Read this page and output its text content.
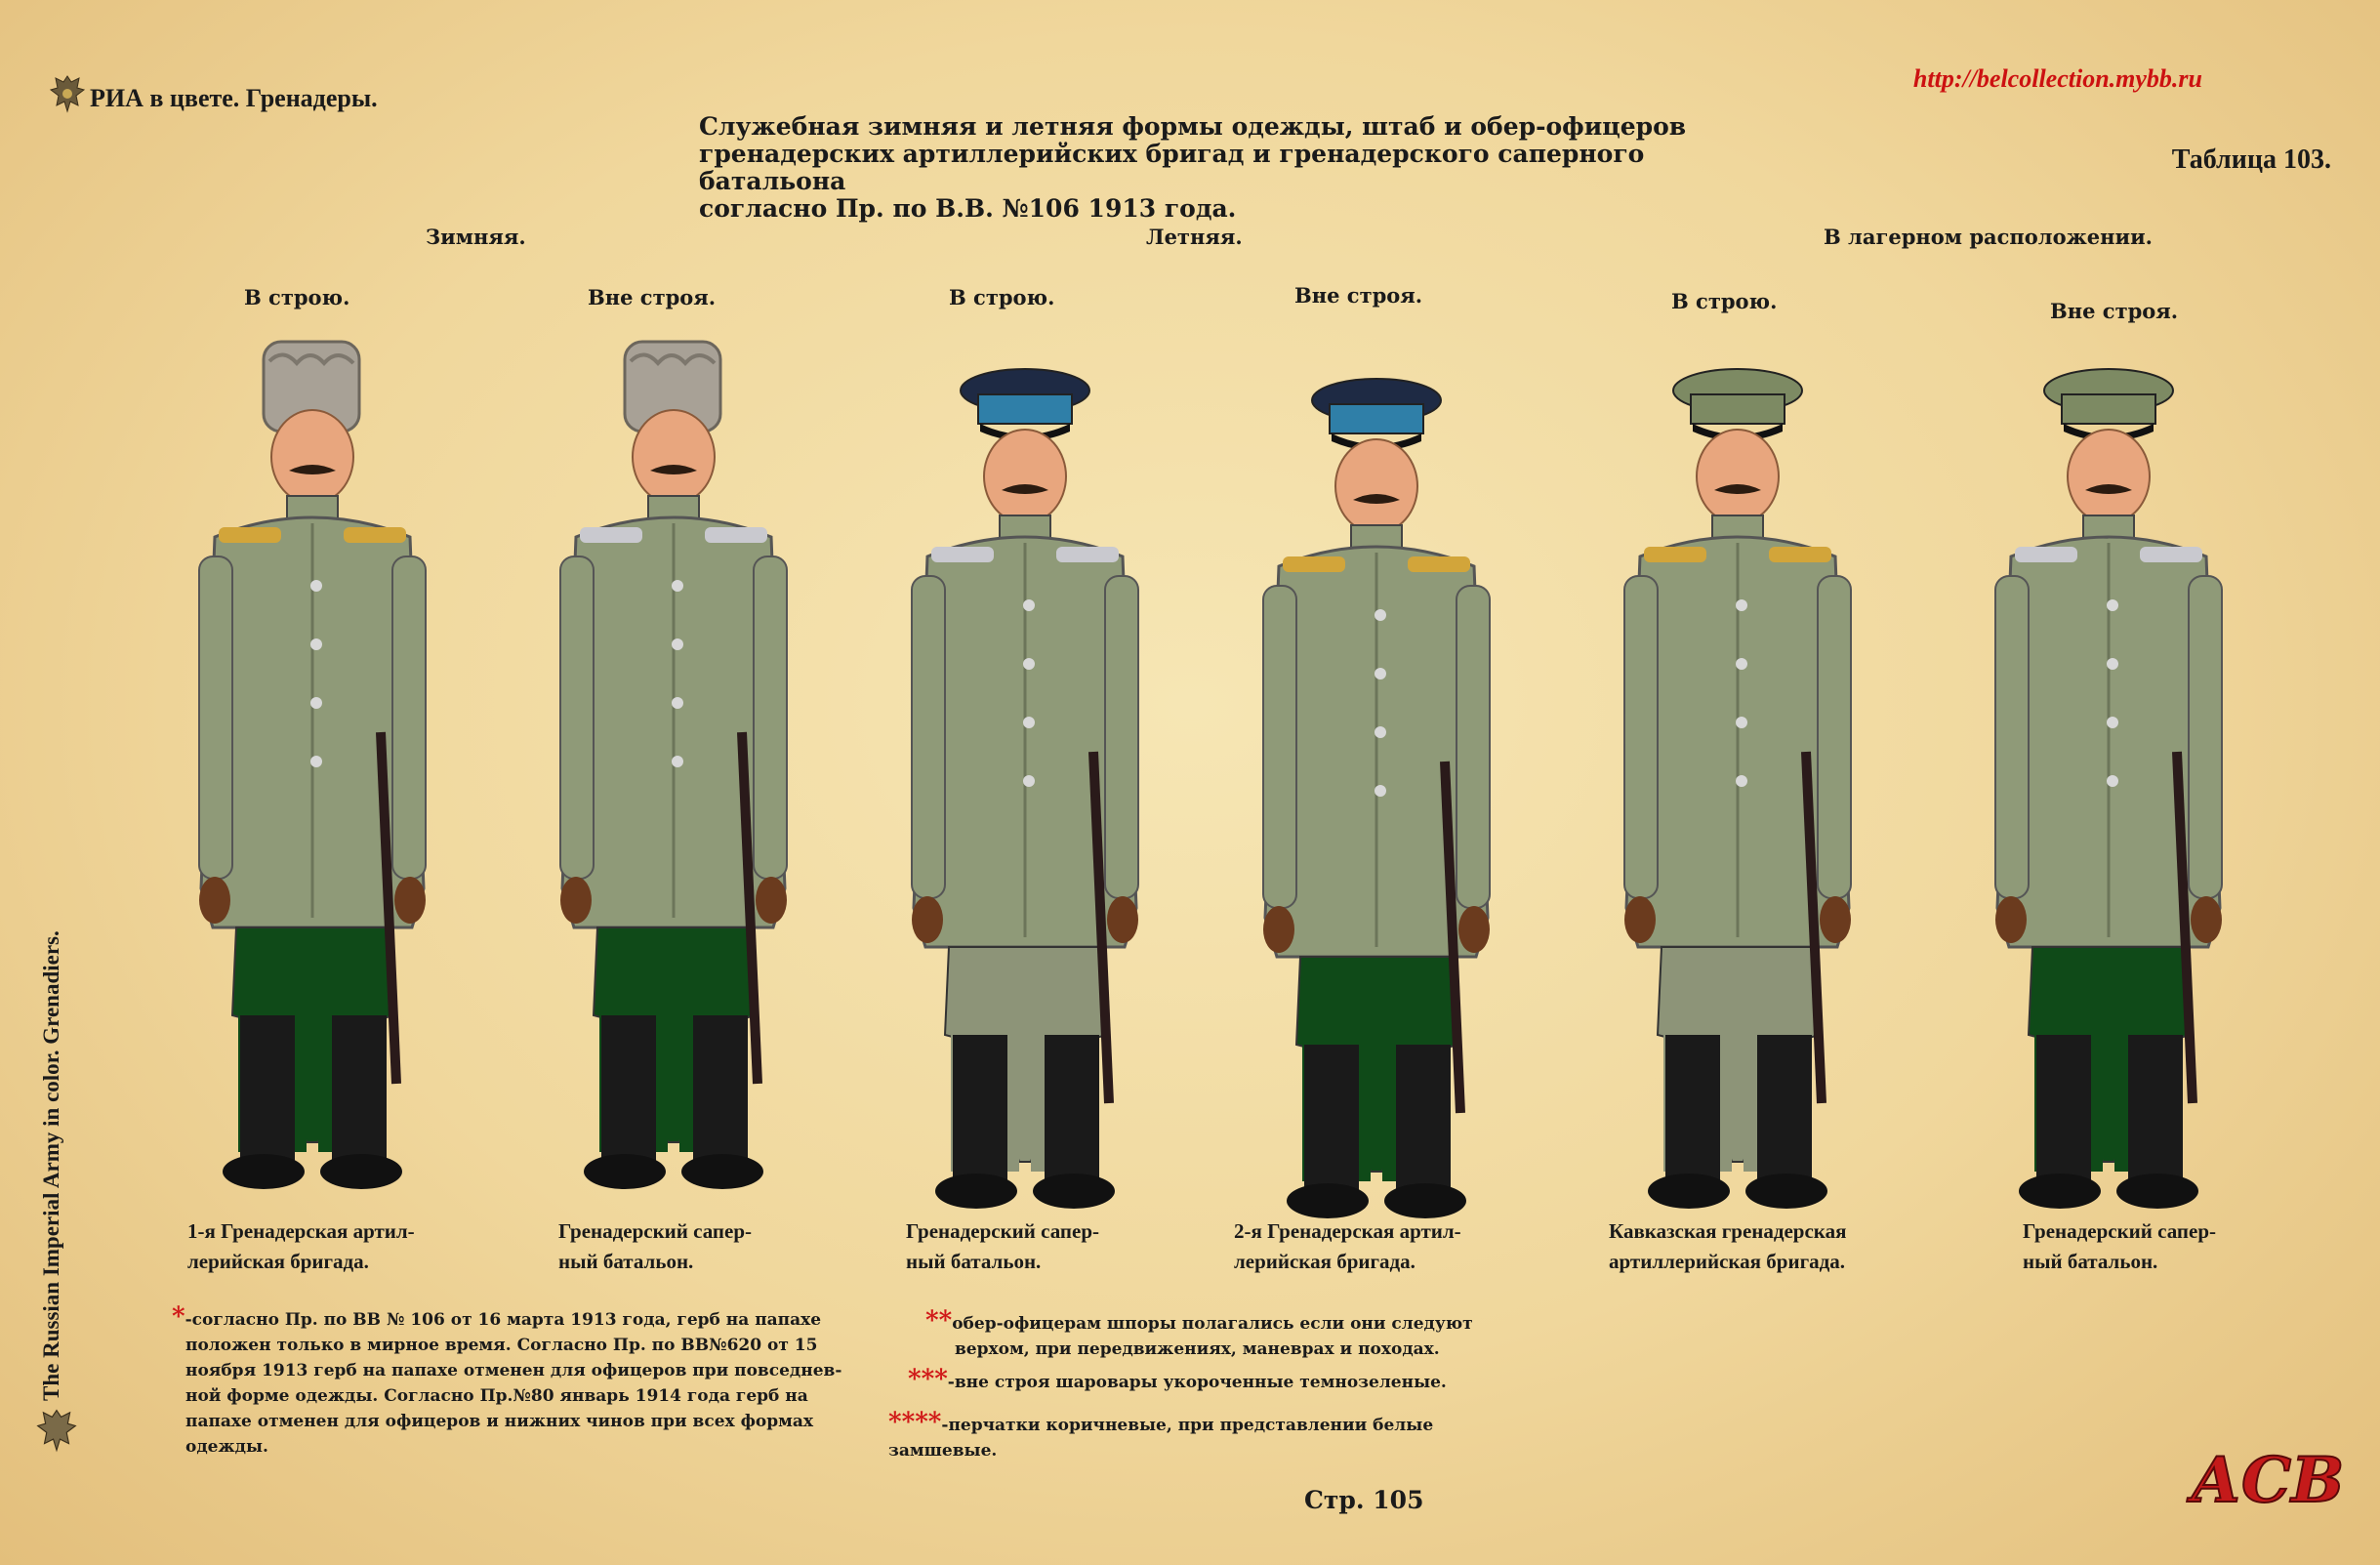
РИА в цвете. Гренадеры.
http://belcollection.mybb.ru
Таблица 103.
Служебная зимняя и летняя формы одежды, штаб и обер-офицеров
гренадерских артиллерийских бригад и гренадерского саперного батальона
согласно Пр. по В.В. №106 1913 года.
Зимняя.	Летняя.	В лагерном расположении.
В строю.	Вне строя.	В строю.	Вне строя.	В строю.	Вне строя.
1-я Гренадерская артил-
лерийская бригада.
Гренадерский сапер-
ный батальон.
Гренадерский сапер-
ный батальон.
2-я Гренадерская артил-
лерийская бригада.
Кавказская гренадерская
артиллерийская бригада.
Гренадерский сапер-
ный батальон.
*-согласно Пр. по ВВ № 106 от 16 марта 1913 года, герб на папахе
положен только в мирное время. Согласно Пр. по ВВ№620 от 15
ноября 1913 герб на папахе отменен для офицеров при повседнев-
ной форме одежды. Согласно Пр.№80 январь 1914 года герб на
папахе отменен для офицеров и нижних чинов при всех формах
одежды.
**обер-офицерам шпоры полагались если они следуют
верхом, при передвижениях, маневрах и походах.
***-вне строя шаровары укороченные темнозеленые.
****-перчатки коричневые, при представлении белые замшевые.
Стр. 105
The Russian Imperial Army in color. Grenadiers.
АСВ
